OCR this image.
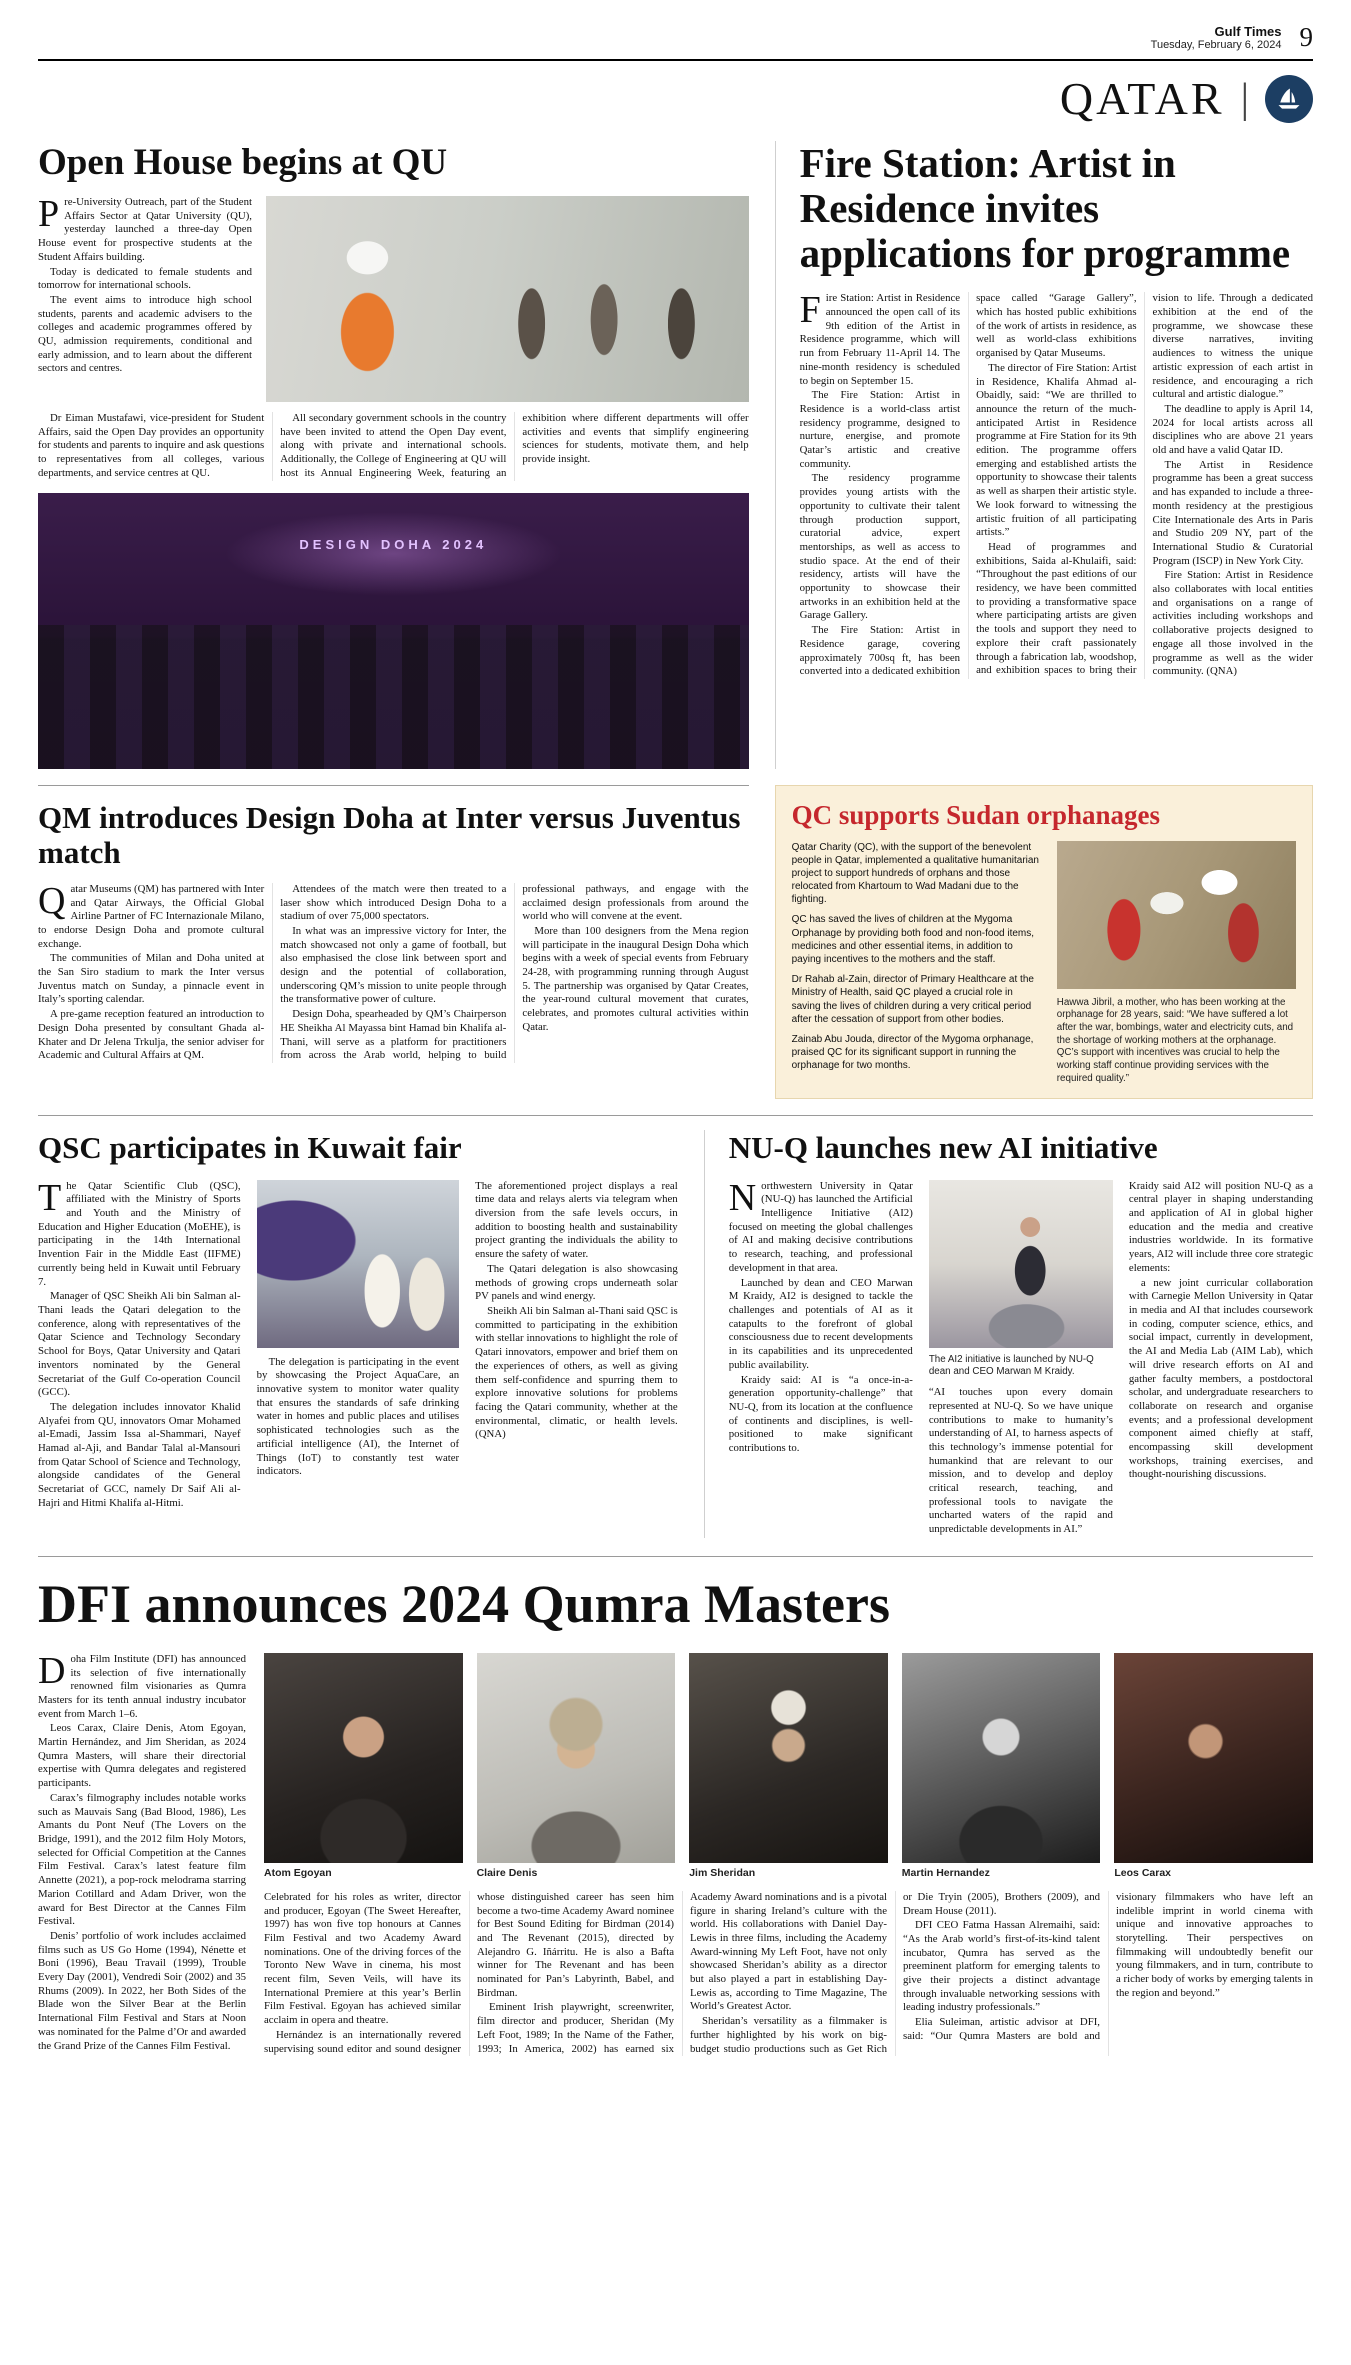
Gulf Times
Tuesday, February 6, 2024 9
QATAR |
Open House begins at QU

Pre-University Outreach, part of the Student Affairs Sector at Qatar University (QU), yesterday launched a three-day Open House event for prospective students at the Student Affairs building.

Today is dedicated to female students and tomorrow for international schools.

The event aims to introduce high school students, parents and academic advisers to the colleges and academic programmes offered by QU, admission requirements, conditional and early admission, and to learn about the different sectors and centres.

Dr Eiman Mustafawi, vice-president for Student Affairs, said the Open Day provides an opportunity for students and parents to inquire and ask questions to representatives from all colleges, various departments, and service centres at QU.

All secondary government schools in the country have been invited to attend the Open Day event, along with private and international schools. Additionally, the College of Engineering at QU will host its Annual Engineering Week, featuring an exhibition where different departments will offer activities and events that simplify engineering sciences for students, motivate them, and help provide insight.

DESIGN DOHA 2024
Fire Station: Artist in Residence invites applications for programme

Fire Station: Artist in Residence announced the open call of its 9th edition of the Artist in Residence programme, which will run from February 11-April 14. The nine-month residency is scheduled to begin on September 15.

The Fire Station: Artist in Residence is a world-class artist residency programme, designed to nurture, energise, and promote Qatar’s artistic and creative community.

The residency programme provides young artists with the opportunity to cultivate their talent through production support, curatorial advice, expert mentorships, as well as access to studio space. At the end of their residency, artists will have the opportunity to showcase their artworks in an exhibition held at the Garage Gallery.

The Fire Station: Artist in Residence garage, covering approximately 700sq ft, has been converted into a dedicated exhibition space called “Garage Gallery”, which has hosted public exhibitions of the work of artists in residence, as well as world-class exhibitions organised by Qatar Museums.

The director of Fire Station: Artist in Residence, Khalifa Ahmad al-Obaidly, said: “We are thrilled to announce the return of the much-anticipated Artist in Residence programme at Fire Station for its 9th edition. The programme offers emerging and established artists the opportunity to showcase their talents as well as sharpen their artistic style. We look forward to witnessing the artistic fruition of all participating artists.”

Head of programmes and exhibitions, Saida al-Khulaifi, said: “Throughout the past editions of our residency, we have been committed to providing a transformative space where participating artists are given the tools and support they need to explore their craft passionately through a fabrication lab, woodshop, and exhibition spaces to bring their vision to life. Through a dedicated exhibition at the end of the programme, we showcase these diverse narratives, inviting audiences to witness the unique artistic expression of each artist in residence, and encouraging a rich cultural and artistic dialogue.”

The deadline to apply is April 14, 2024 for local artists across all disciplines who are above 21 years old and have a valid Qatar ID.

The Artist in Residence programme has been a great success and has expanded to include a three-month residency at the prestigious Cite Internationale des Arts in Paris and Studio 209 NY, part of the International Studio & Curatorial Program (ISCP) in New York City.

Fire Station: Artist in Residence also collaborates with local entities and organisations on a range of activities including workshops and collaborative projects designed to engage all those involved in the programme as well as the wider community. (QNA)

QM introduces Design Doha at Inter versus Juventus match

Qatar Museums (QM) has partnered with Inter and Qatar Airways, the Official Global Airline Partner of FC Internazionale Milano, to endorse Design Doha and promote cultural exchange.

The communities of Milan and Doha united at the San Siro stadium to mark the Inter versus Juventus match on Sunday, a pinnacle event in Italy’s sporting calendar.

A pre-game reception featured an introduction to Design Doha presented by consultant Ghada al-Khater and Dr Jelena Trkulja, the senior adviser for Academic and Cultural Affairs at QM.

Attendees of the match were then treated to a laser show which introduced Design Doha to a stadium of over 75,000 spectators.

In what was an impressive victory for Inter, the match showcased not only a game of football, but also emphasised the close link between sport and design and the potential of collaboration, underscoring QM’s mission to unite people through the transformative power of culture.

Design Doha, spearheaded by QM’s Chairperson HE Sheikha Al Mayassa bint Hamad bin Khalifa al-Thani, will serve as a platform for practitioners from across the Arab world, helping to build professional pathways, and engage with the acclaimed design professionals from around the world who will convene at the event.

More than 100 designers from the Mena region will participate in the inaugural Design Doha which begins with a week of special events from February 24-28, with programming running through August 5. The partnership was organised by Qatar Creates, the year-round cultural movement that curates, celebrates, and promotes cultural activities within Qatar.

QC supports Sudan orphanages

Qatar Charity (QC), with the support of the benevolent people in Qatar, implemented a qualitative humanitarian project to support hundreds of orphans and those relocated from Khartoum to Wad Madani due to the fighting.

QC has saved the lives of children at the Mygoma Orphanage by providing both food and non-food items, medicines and other essential items, in addition to paying incentives to the mothers and the staff.

Dr Rahab al-Zain, director of Primary Healthcare at the Ministry of Health, said QC played a crucial role in saving the lives of children during a very critical period after the cessation of support from other bodies.

Zainab Abu Jouda, director of the Mygoma orphanage, praised QC for its significant support in running the orphanage for two months.

Hawwa Jibril, a mother, who has been working at the orphanage for 28 years, said: “We have suffered a lot after the war, bombings, water and electricity cuts, and the shortage of working mothers at the orphanage. QC’s support with incentives was crucial to help the working staff continue providing services with the required quality.”
QSC participates in Kuwait fair

The Qatar Scientific Club (QSC), affiliated with the Ministry of Sports and Youth and the Ministry of Education and Higher Education (MoEHE), is participating in the 14th International Invention Fair in the Middle East (IIFME) currently being held in Kuwait until February 7.

Manager of QSC Sheikh Ali bin Salman al-Thani leads the Qatari delegation to the conference, along with representatives of the Qatar Science and Technology Secondary School for Boys, Qatar University and Qatari inventors nominated by the General Secretariat of the Gulf Co-operation Council (GCC).

The delegation includes innovator Khalid Alyafei from QU, innovators Omar Mohamed al-Emadi, Jassim Issa al-Shammari, Nayef Hamad al-Aji, and Bandar Talal al-Mansouri from Qatar School of Science and Technology, alongside candidates of the General Secretariat of GCC, namely Dr Saif Ali al-Hajri and Hitmi Khalifa al-Hitmi.

The delegation is participating in the event by showcasing the Project AquaCare, an innovative system to monitor water quality that ensures the standards of safe drinking water in homes and public places and utilises sophisticated technologies such as the artificial intelligence (AI), the Internet of Things (IoT) to constantly test water indicators.

The aforementioned project displays a real time data and relays alerts via telegram when diversion from the safe levels occurs, in addition to boosting health and sustainability project granting the individuals the ability to ensure the safety of water.

The Qatari delegation is also showcasing methods of growing crops underneath solar PV panels and wind energy.

Sheikh Ali bin Salman al-Thani said QSC is committed to participating in the exhibition with stellar innovations to highlight the role of Qatari innovators, empower and brief them on the experiences of others, as well as giving them self-confidence and spurring them to explore innovative solutions for problems facing the Qatari community, whether at the environmental, climatic, or health levels. (QNA)

NU-Q launches new AI initiative

Northwestern University in Qatar (NU-Q) has launched the Artificial Intelligence Initiative (AI2) focused on meeting the global challenges of AI and making decisive contributions to research, teaching, and professional development in that area.

Launched by dean and CEO Marwan M Kraidy, AI2 is designed to tackle the challenges and potentials of AI as it catapults to the forefront of global consciousness due to recent developments in its capabilities and its unprecedented public availability.

Kraidy said: AI is “a once-in-a-generation opportunity-challenge” that NU-Q, from its location at the confluence of continents and disciplines, is well-positioned to make significant contributions to.

The AI2 initiative is launched by NU-Q dean and CEO Marwan M Kraidy.

“AI touches upon every domain represented at NU-Q. So we have unique contributions to make to humanity’s understanding of AI, to harness aspects of this technology’s immense potential for humankind that are relevant to our mission, and to develop and deploy critical research, teaching, and professional tools to navigate the uncharted waters of the rapid and unpredictable developments in AI.”

Kraidy said AI2 will position NU-Q as a central player in shaping understanding and application of AI in global higher education and the media and creative industries worldwide. In its formative years, AI2 will include three core strategic elements:

a new joint curricular collaboration with Carnegie Mellon University in Qatar in media and AI that includes coursework in coding, computer science, ethics, and social impact, currently in development, the AI and Media Lab (AIM Lab), which will drive research efforts on AI and gather faculty members, a postdoctoral scholar, and undergraduate researchers to collaborate on research and organise events; and a professional development component aimed chiefly at staff, encompassing skill development workshops, training exercises, and thought-nourishing discussions.

DFI announces 2024 Qumra Masters

Doha Film Institute (DFI) has announced its selection of five internationally renowned film visionaries as Qumra Masters for its tenth annual industry incubator event from March 1–6.

Leos Carax, Claire Denis, Atom Egoyan, Martin Hernández, and Jim Sheridan, as 2024 Qumra Masters, will share their directorial expertise with Qumra delegates and registered participants.

Carax’s filmography includes notable works such as Mauvais Sang (Bad Blood, 1986), Les Amants du Pont Neuf (The Lovers on the Bridge, 1991), and the 2012 film Holy Motors, selected for Official Competition at the Cannes Film Festival. Carax’s latest feature film Annette (2021), a pop-rock melodrama starring Marion Cotillard and Adam Driver, won the award for Best Director at the Cannes Film Festival.

Denis’ portfolio of work includes acclaimed films such as US Go Home (1994), Nénette et Boni (1996), Beau Travail (1999), Trouble Every Day (2001), Vendredi Soir (2002) and 35 Rhums (2009). In 2022, her Both Sides of the Blade won the Silver Bear at the Berlin International Film Festival and Stars at Noon was nominated for the Palme d’Or and awarded the Grand Prize of the Cannes Film Festival.

Atom Egoyan	Claire Denis	Jim Sheridan	Martin Hernandez	Leos Carax

Celebrated for his roles as writer, director and producer, Egoyan (The Sweet Hereafter, 1997) has won five top honours at Cannes Film Festival and two Academy Award nominations. One of the driving forces of the Toronto New Wave in cinema, his most recent film, Seven Veils, will have its International Premiere at this year’s Berlin Film Festival. Egoyan has achieved similar acclaim in opera and theatre.

Hernández is an internationally revered supervising sound editor and sound designer whose distinguished career has seen him become a two-time Academy Award nominee for Best Sound Editing for Birdman (2014) and The Revenant (2015), directed by Alejandro G. Iñárritu. He is also a Bafta winner for The Revenant and has been nominated for Pan’s Labyrinth, Babel, and Birdman.

Eminent Irish playwright, screenwriter, film director and producer, Sheridan (My Left Foot, 1989; In the Name of the Father, 1993; In America, 2002) has earned six Academy Award nominations and is a pivotal figure in sharing Ireland’s culture with the world. His collaborations with Daniel Day-Lewis in three films, including the Academy Award-winning My Left Foot, have not only showcased Sheridan’s ability as a director but also played a part in establishing Day-Lewis as, according to Time Magazine, The World’s Greatest Actor.

Sheridan’s versatility as a filmmaker is further highlighted by his work on big-budget studio productions such as Get Rich or Die Tryin (2005), Brothers (2009), and Dream House (2011).

DFI CEO Fatma Hassan Alremaihi, said: “As the Arab world’s first-of-its-kind talent incubator, Qumra has served as the preeminent platform for emerging talents to give their projects a distinct advantage through invaluable networking sessions with leading industry professionals.”

Elia Suleiman, artistic advisor at DFI, said: “Our Qumra Masters are bold and visionary filmmakers who have left an indelible imprint in world cinema with unique and innovative approaches to storytelling. Their perspectives on filmmaking will undoubtedly benefit our young filmmakers, and in turn, contribute to a richer body of works by emerging talents in the region and beyond.”
